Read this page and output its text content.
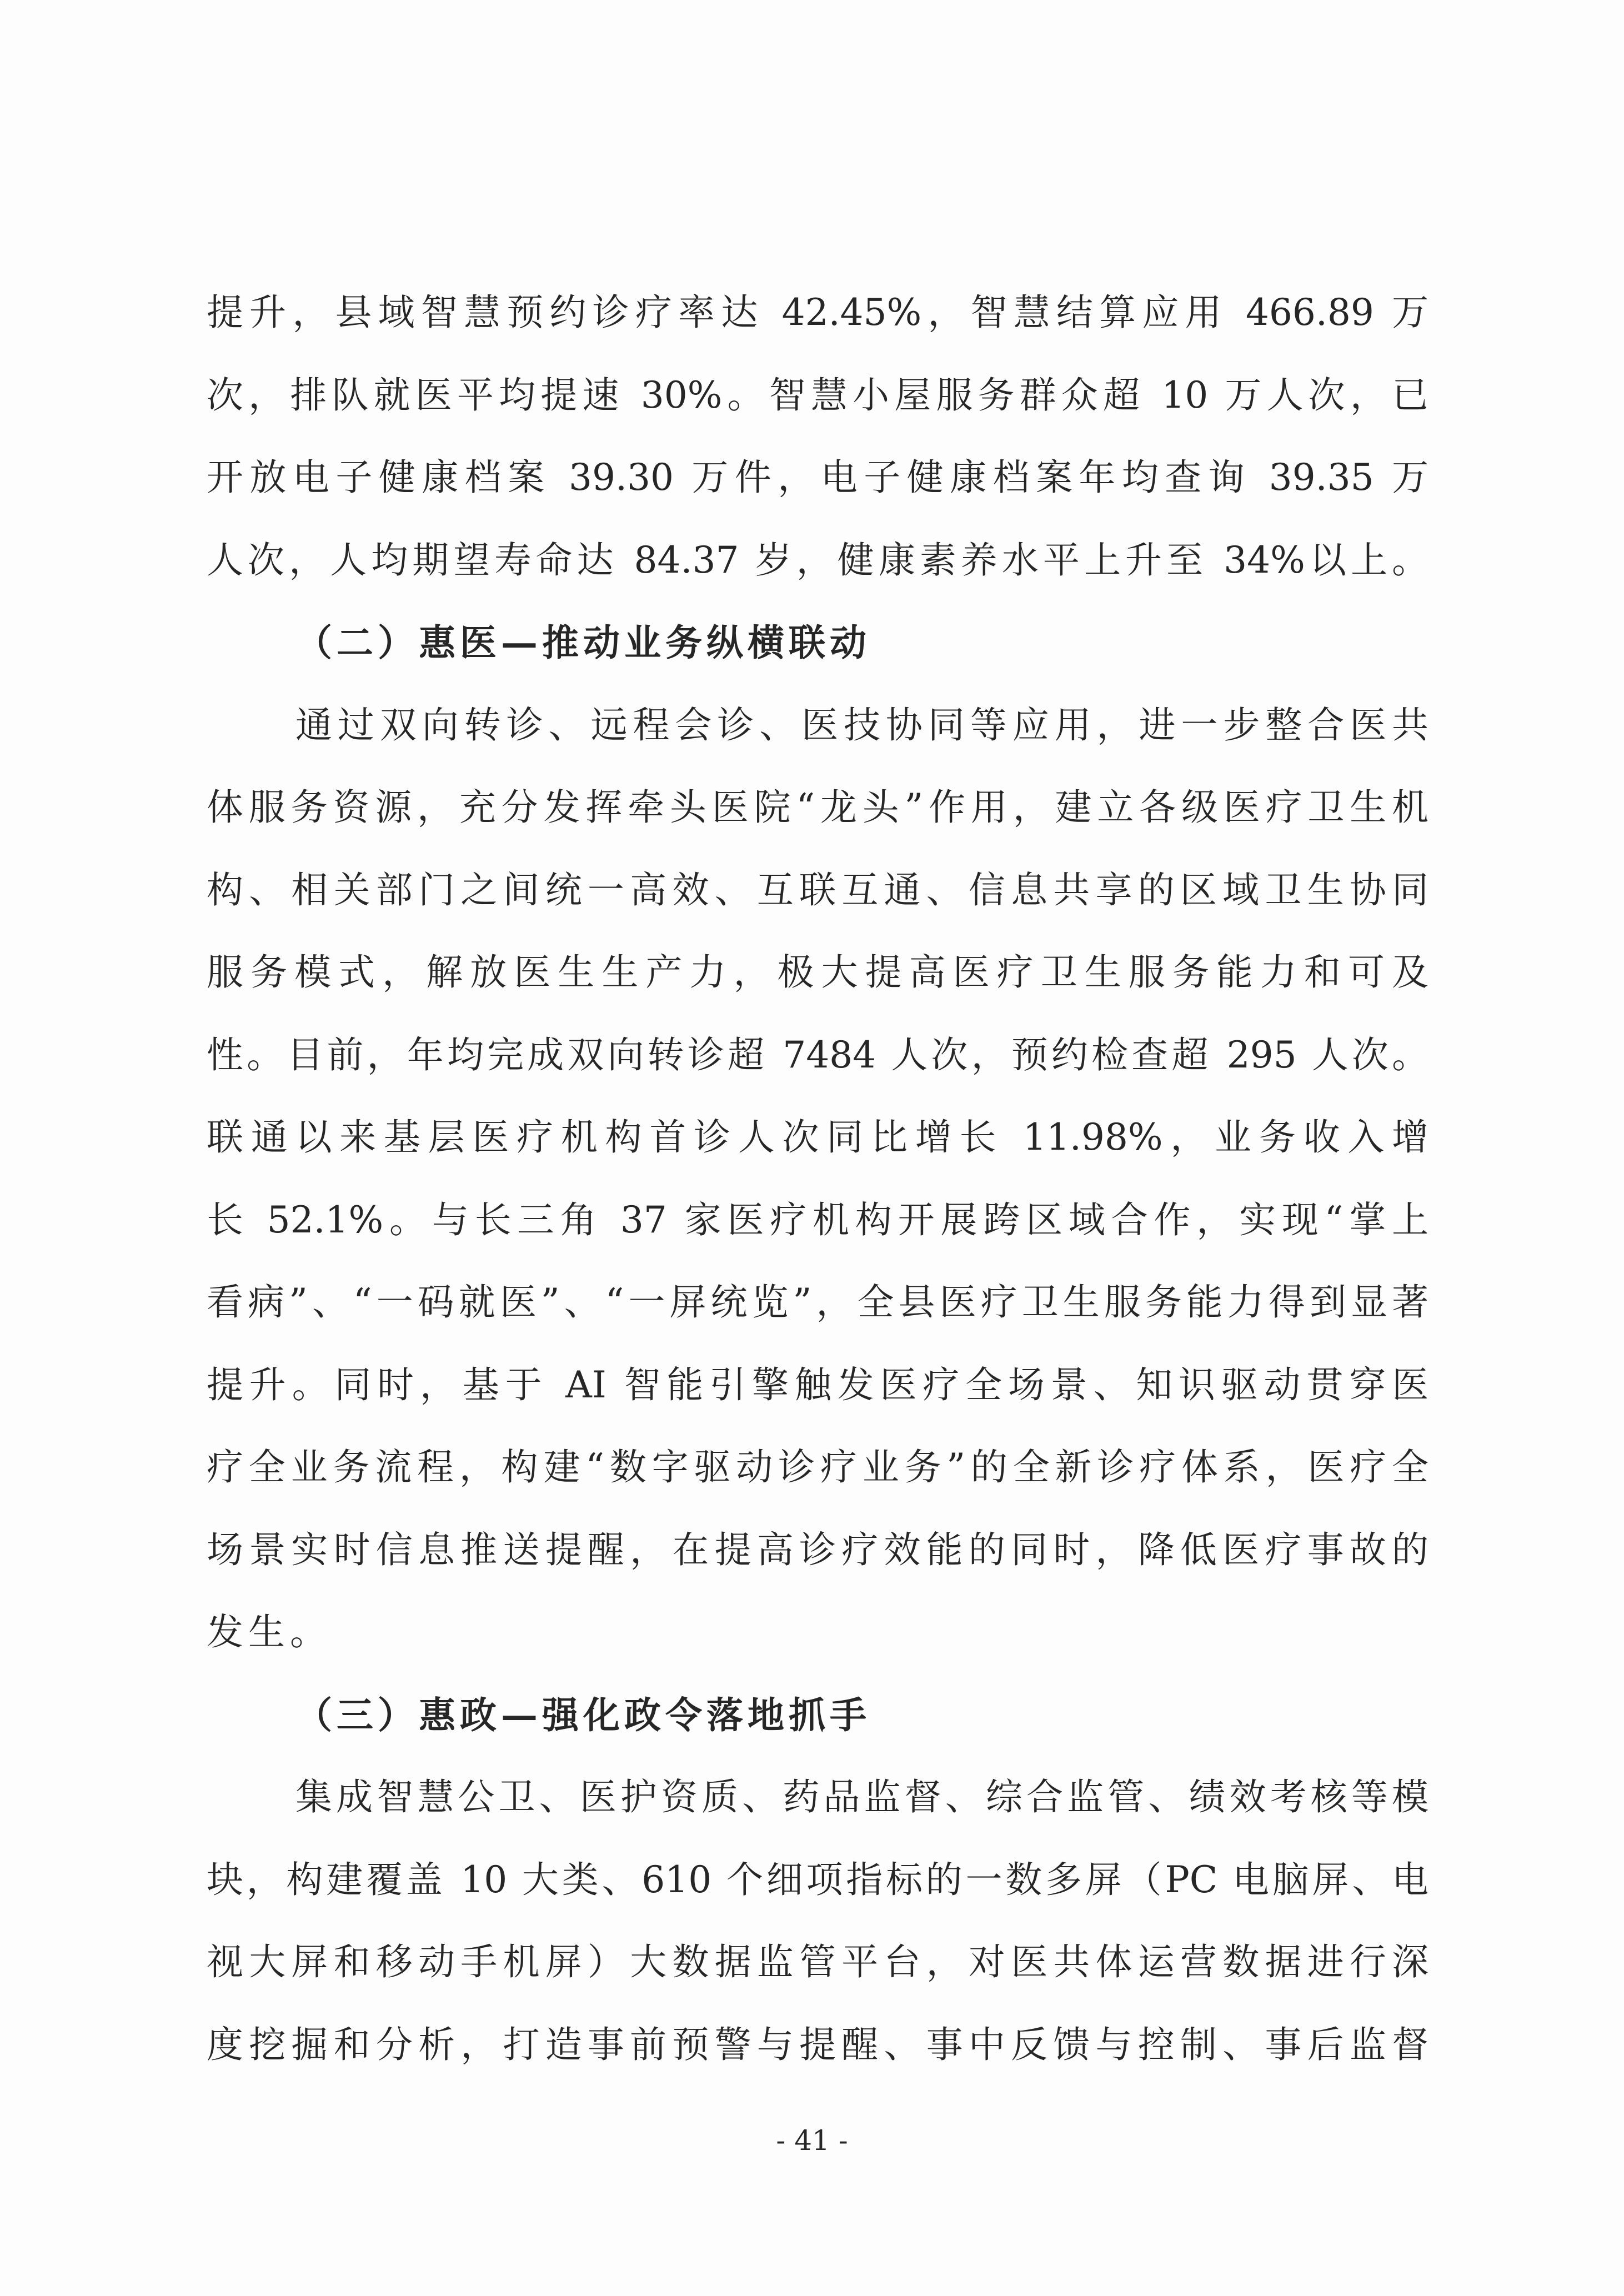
提升，县域智慧预约诊疗率达 42.45%，智慧结算应用 466.89 万
次，排队就医平均提速 30%。智慧小屋服务群众超 10 万人次，已
开放电子健康档案 39.30 万件，电子健康档案年均查询 39.35 万
人次，人均期望寿命达 84.37 岁，健康素养水平上升至 34%以上。
（二）惠医—推动业务纵横联动
通过双向转诊、远程会诊、医技协同等应用，进一步整合医共
体服务资源，充分发挥牵头医院“龙头”作用，建立各级医疗卫生机
构、相关部门之间统一高效、互联互通、信息共享的区域卫生协同
服务模式，解放医生生产力，极大提高医疗卫生服务能力和可及
性。目前，年均完成双向转诊超 7484 人次，预约检查超 295 人次。
联通以来基层医疗机构首诊人次同比增长 11.98%，业务收入增
长 52.1%。与长三角 37 家医疗机构开展跨区域合作，实现“掌上
看病”、“一码就医”、“一屏统览”，全县医疗卫生服务能力得到显著
提升。同时，基于 AI 智能引擎触发医疗全场景、知识驱动贯穿医
疗全业务流程，构建“数字驱动诊疗业务”的全新诊疗体系，医疗全
场景实时信息推送提醒，在提高诊疗效能的同时，降低医疗事故的
发生。
（三）惠政—强化政令落地抓手
集成智慧公卫、医护资质、药品监督、综合监管、绩效考核等模
块，构建覆盖 10 大类、610 个细项指标的一数多屏（PC 电脑屏、电
视大屏和移动手机屏）大数据监管平台，对医共体运营数据进行深
度挖掘和分析，打造事前预警与提醒、事中反馈与控制、事后监督
- 41 -
